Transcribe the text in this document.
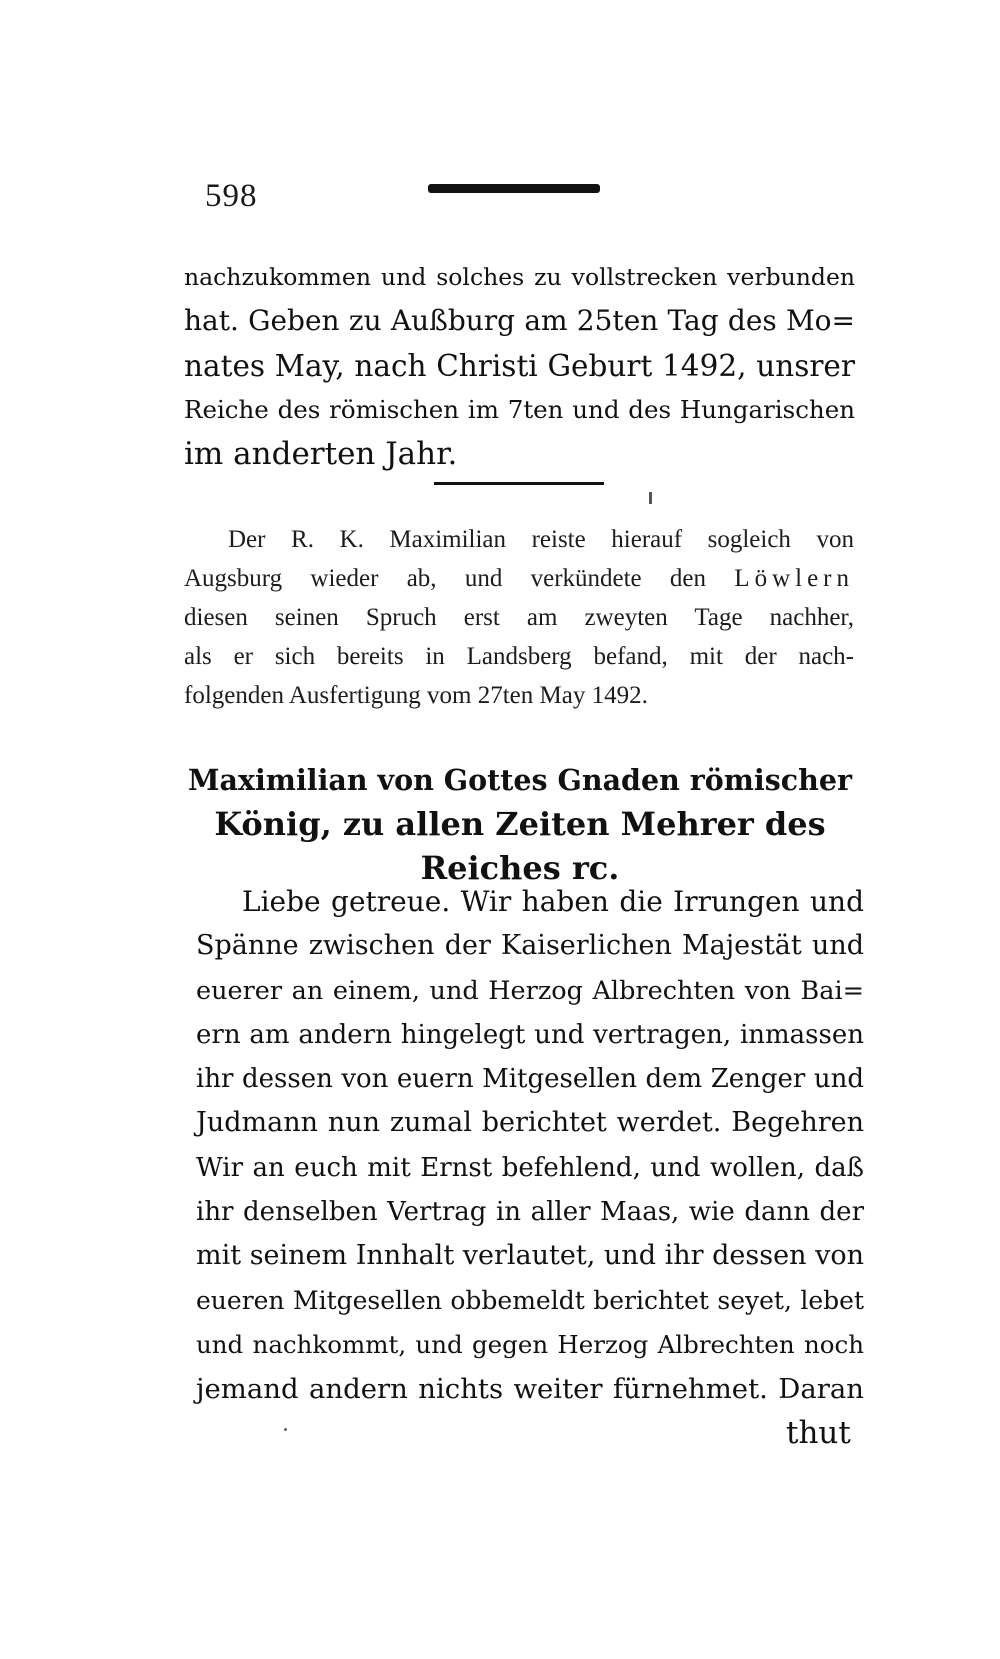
598
nachzukommen und solches zu vollstrecken verbunden
hat. Geben zu Außburg am 25ten Tag des Mo=
nates May, nach Christi Geburt 1492, unsrer
Reiche des römischen im 7ten und des Hungarischen
im anderten Jahr.
Der R. K. Maximilian reiste hierauf sogleich von
Augsburg wieder ab, und verkündete den Löwlern
diesen seinen Spruch erst am zweyten Tage nachher,
als er sich bereits in Landsberg befand, mit der nach-
folgenden Ausfertigung vom 27ten May 1492.
Maximilian von Gottes Gnaden römischer
König, zu allen Zeiten Mehrer des
Reiches rc.
Liebe getreue. Wir haben die Irrungen und
Spänne zwischen der Kaiserlichen Majestät und
euerer an einem, und Herzog Albrechten von Bai=
ern am andern hingelegt und vertragen, inmassen
ihr dessen von euern Mitgesellen dem Zenger und
Judmann nun zumal berichtet werdet. Begehren
Wir an euch mit Ernst befehlend, und wollen, daß
ihr denselben Vertrag in aller Maas, wie dann der
mit seinem Innhalt verlautet, und ihr dessen von
eueren Mitgesellen obbemeldt berichtet seyet, lebet
und nachkommt, und gegen Herzog Albrechten noch
jemand andern nichts weiter fürnehmet. Daran
thut
